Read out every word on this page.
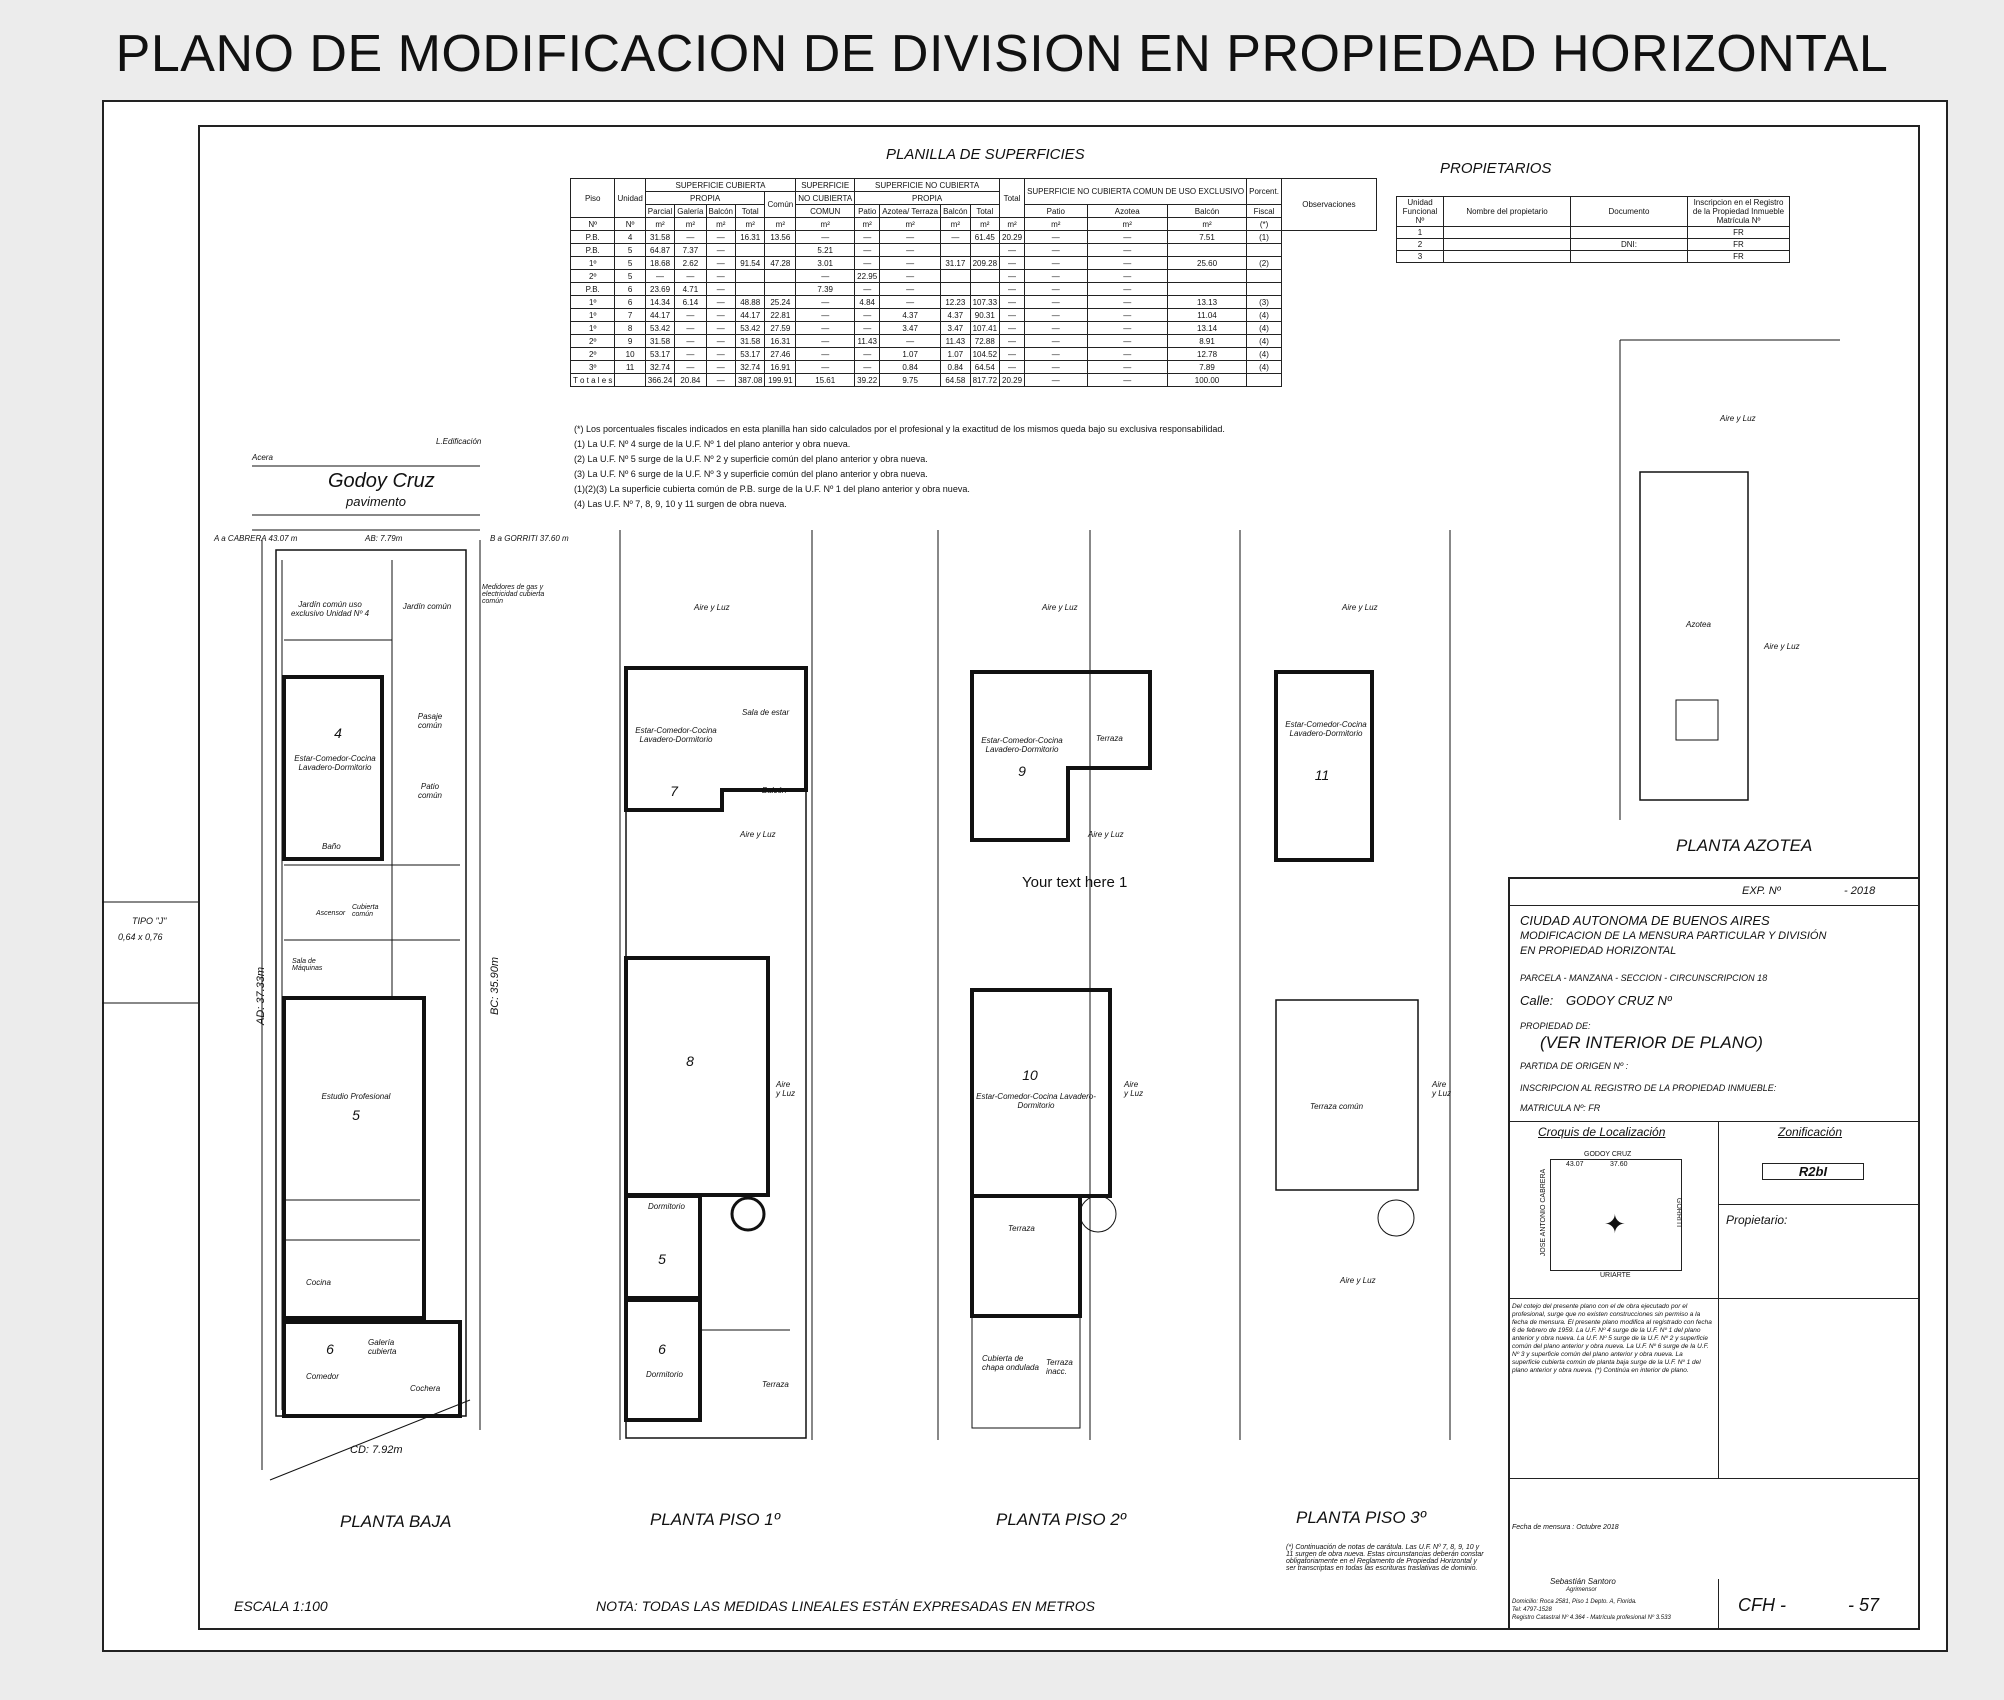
PLANO DE MODIFICACION DE DIVISION EN PROPIEDAD HORIZONTAL
PLANILLA DE SUPERFICIES
Piso	Unidad	SUPERFICIE CUBIERTA					SUPERFICIE	SUPERFICIE NO CUBIERTA				Total	SUPERFICIE NO CUBIERTA COMUN DE USO EXCLUSIVO			Porcent.	Observaciones
		PROPIA				Común	NO CUBIERTA	PROPIA									
		Parcial	Galería	Balcón	Total		COMUN	Patio	Azotea/ Terraza	Balcón	Total		Patio	Azotea	Balcón	Fiscal	
Nº	Nº	m²	m²	m²	m²	m²	m²	m²	m²	m²	m²	m²	m²	m²	m²	(*)	
P.B.	4	31.58	—	—	16.31	13.56	—	—	—	—	61.45	20.29	—	—	7.51	(1)	
P.B.	5	64.87	7.37	—			5.21	—	—			—	—	—			
1º	5	18.68	2.62	—	91.54	47.28	3.01	—	—	31.17	209.28	—	—	—	25.60	(2)	
2º	5	—	—	—			—	22.95	—			—	—	—			
P.B.	6	23.69	4.71	—			7.39	—	—			—	—	—			
1º	6	14.34	6.14	—	48.88	25.24	—	4.84	—	12.23	107.33	—	—	—	13.13	(3)	
1º	7	44.17	—	—	44.17	22.81	—	—	4.37	4.37	90.31	—	—	—	11.04	(4)	
1º	8	53.42	—	—	53.42	27.59	—	—	3.47	3.47	107.41	—	—	—	13.14	(4)	
2º	9	31.58	—	—	31.58	16.31	—	11.43	—	11.43	72.88	—	—	—	8.91	(4)	
2º	10	53.17	—	—	53.17	27.46	—	—	1.07	1.07	104.52	—	—	—	12.78	(4)	
3º	11	32.74	—	—	32.74	16.91	—	—	0.84	0.84	64.54	—	—	—	7.89	(4)	
T o t a l e s		366.24	20.84	—	387.08	199.91	15.61	39.22	9.75	64.58	817.72	20.29	—	—	100.00		
(*) Los porcentuales fiscales indicados en esta planilla han sido calculados por el profesional y la exactitud de los mismos queda bajo su exclusiva responsabilidad.
(1) La U.F. Nº 4 surge de la U.F. Nº 1 del plano anterior y obra nueva.
(2) La U.F. Nº 5 surge de la U.F. Nº 2 y superficie común del plano anterior y obra nueva.
(3) La U.F. Nº 6 surge de la U.F. Nº 3 y superficie común del plano anterior y obra nueva.
(1)(2)(3) La superficie cubierta común de P.B. surge de la U.F. Nº 1 del plano anterior y obra nueva.
(4) Las U.F. Nº 7, 8, 9, 10 y 11 surgen de obra nueva.
PROPIETARIOS
Unidad Funcional Nº	Nombre del propietario	Documento	Inscripcion en el Registro de la Propiedad Inmueble Matrícula Nº
1			FR
2		DNI:	FR
3			FR
4
5
6
7
8
5
6
9
10
11
Acera
L.Edificación
Godoy Cruz
pavimento
A a CABRERA 43.07 m	AB: 7.79m	B a GORRITI 37.60 m
Jardín común uso exclusivo Unidad Nº 4
Jardín común
Medidores de gas y electricidad cubierta común
Estar-Comedor-Cocina Lavadero-Dormitorio
Pasaje común
Patio común
Baño
Ascensor
Cubierta común
Sala de Máquinas
Estudio Profesional
Cocina
Galería cubierta
Comedor
Cochera
AD: 37.33m	BC: 35.90m
CD: 7.92m
Aire y Luz	Aire y Luz	Aire y Luz
Aire y Luz
Sala de estar
Estar-Comedor-Cocina Lavadero-Dormitorio
Balcón
Aire y Luz
Aire y Luz
Dormitorio
Dormitorio
Terraza
Estar-Comedor-Cocina Lavadero-Dormitorio
Terraza
Aire y Luz
Your text here 1
Estar-Comedor-Cocina Lavadero-Dormitorio
Aire y Luz
Terraza
Cubierta de chapa ondulada
Terraza inacc.
Estar-Comedor-Cocina Lavadero-Dormitorio
Terraza común
Aire y Luz
Aire y Luz
Azotea
Aire y Luz
PLANTA BAJA	PLANTA PISO 1º	PLANTA PISO 2º	PLANTA PISO 3º
PLANTA AZOTEA
TIPO "J"
0,64 x 0,76
ESCALA 1:100	NOTA: TODAS LAS MEDIDAS LINEALES ESTÁN EXPRESADAS EN METROS
(*) Continuación de notas de carátula. Las U.F. Nº 7, 8, 9, 10 y 11 surgen de obra nueva. Estas circunstancias deberán constar obligatoriamente en el Reglamento de Propiedad Horizontal y ser transcriptas en todas las escrituras traslativas de dominio.
EXP. Nº	- 2018
CIUDAD AUTONOMA DE BUENOS AIRES
MODIFICACION DE LA MENSURA PARTICULAR Y DIVISIÓN
EN PROPIEDAD HORIZONTAL
PARCELA - MANZANA - SECCION - CIRCUNSCRIPCION 18
Calle: GODOY CRUZ Nº
PROPIEDAD DE:
(VER INTERIOR DE PLANO)
PARTIDA DE ORIGEN Nº :
INSCRIPCION AL REGISTRO DE LA PROPIEDAD INMUEBLE:
MATRICULA Nº: FR
Croquis de Localización	Zonificación
R2bI
Propietario:
GODOY CRUZ
43.07	37.60
JOSE ANTONIO CABRERA	GORRITI
URIARTE
✦
Del cotejo del presente plano con el de obra ejecutado por el profesional, surge que no existen construcciones sin permiso a la fecha de mensura. El presente plano modifica al registrado con fecha 6 de febrero de 1959. La U.F. Nº 4 surge de la U.F. Nº 1 del plano anterior y obra nueva. La U.F. Nº 5 surge de la U.F. Nº 2 y superficie común del plano anterior y obra nueva. La U.F. Nº 6 surge de la U.F. Nº 3 y superficie común del plano anterior y obra nueva. La superficie cubierta común de planta baja surge de la U.F. Nº 1 del plano anterior y obra nueva. (*) Continúa en interior de plano.
Fecha de mensura : Octubre 2018
Sebastián Santoro
Agrimensor
Domicilio: Roca 2581, Piso 1 Depto. A, Florida.
Tel: 4797-1528
Registro Catastral Nº 4.364 - Matrícula profesional Nº 3.533
CFH -	- 57
